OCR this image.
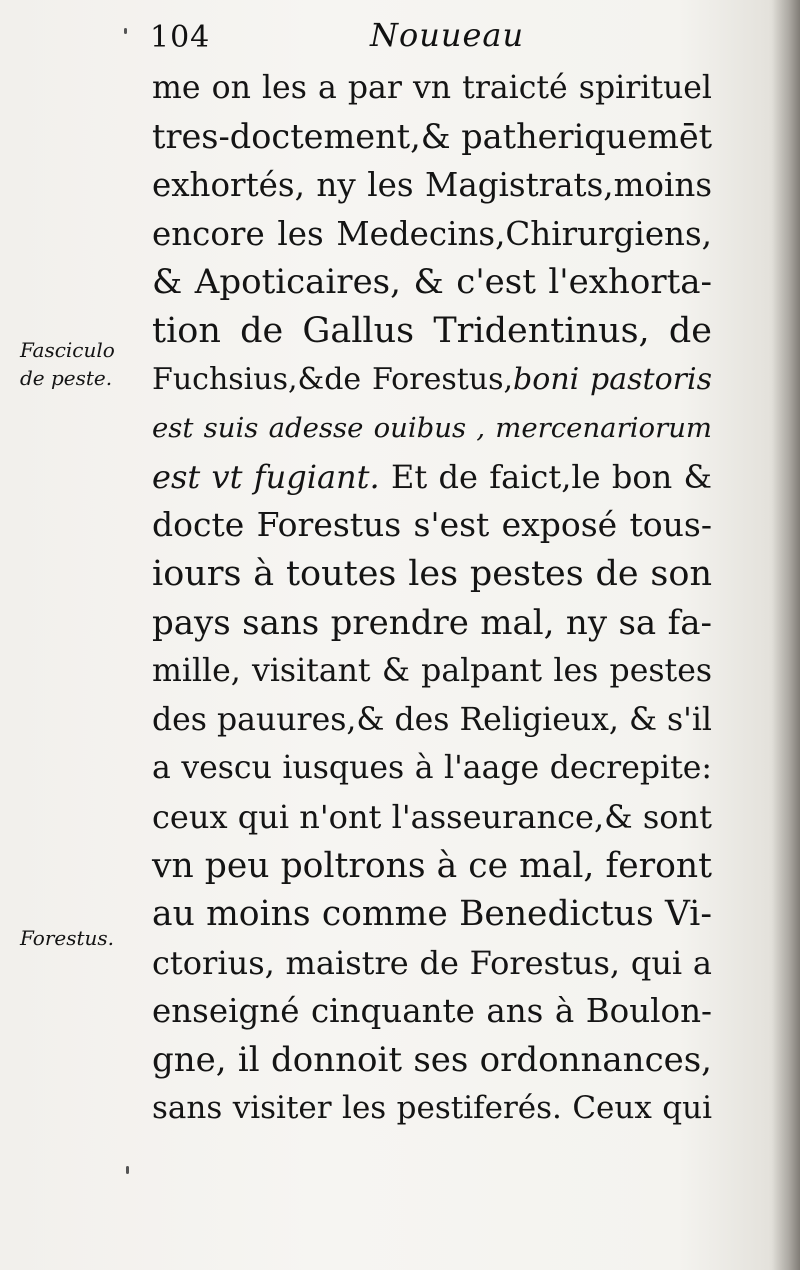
104	Nouueau
Fasciculo
de peste.
Forestus.
me on les a par vn traicté spirituel
tres-doctement,& patheriquemēt
exhortés, ny les Magistrats,moins
encore les Medecins,Chirurgiens,
& Apoticaires, & c'est l'exhorta-
tion de Gallus Tridentinus, de
Fuchsius,&de Forestus,boni pastoris
est suis adesse ouibus , mercenariorum
est vt fugiant. Et de faict,le bon &
docte Forestus s'est exposé tous-
iours à toutes les pestes de son
pays sans prendre mal, ny sa fa-
mille, visitant & palpant les pestes
des pauures,& des Religieux, & s'il
a vescu iusques à l'aage decrepite:
ceux qui n'ont l'asseurance,& sont
vn peu poltrons à ce mal, feront
au moins comme Benedictus Vi-
ctorius, maistre de Forestus, qui a
enseigné cinquante ans à Boulon-
gne, il donnoit ses ordonnances,
sans visiter les pestiferés. Ceux qui
